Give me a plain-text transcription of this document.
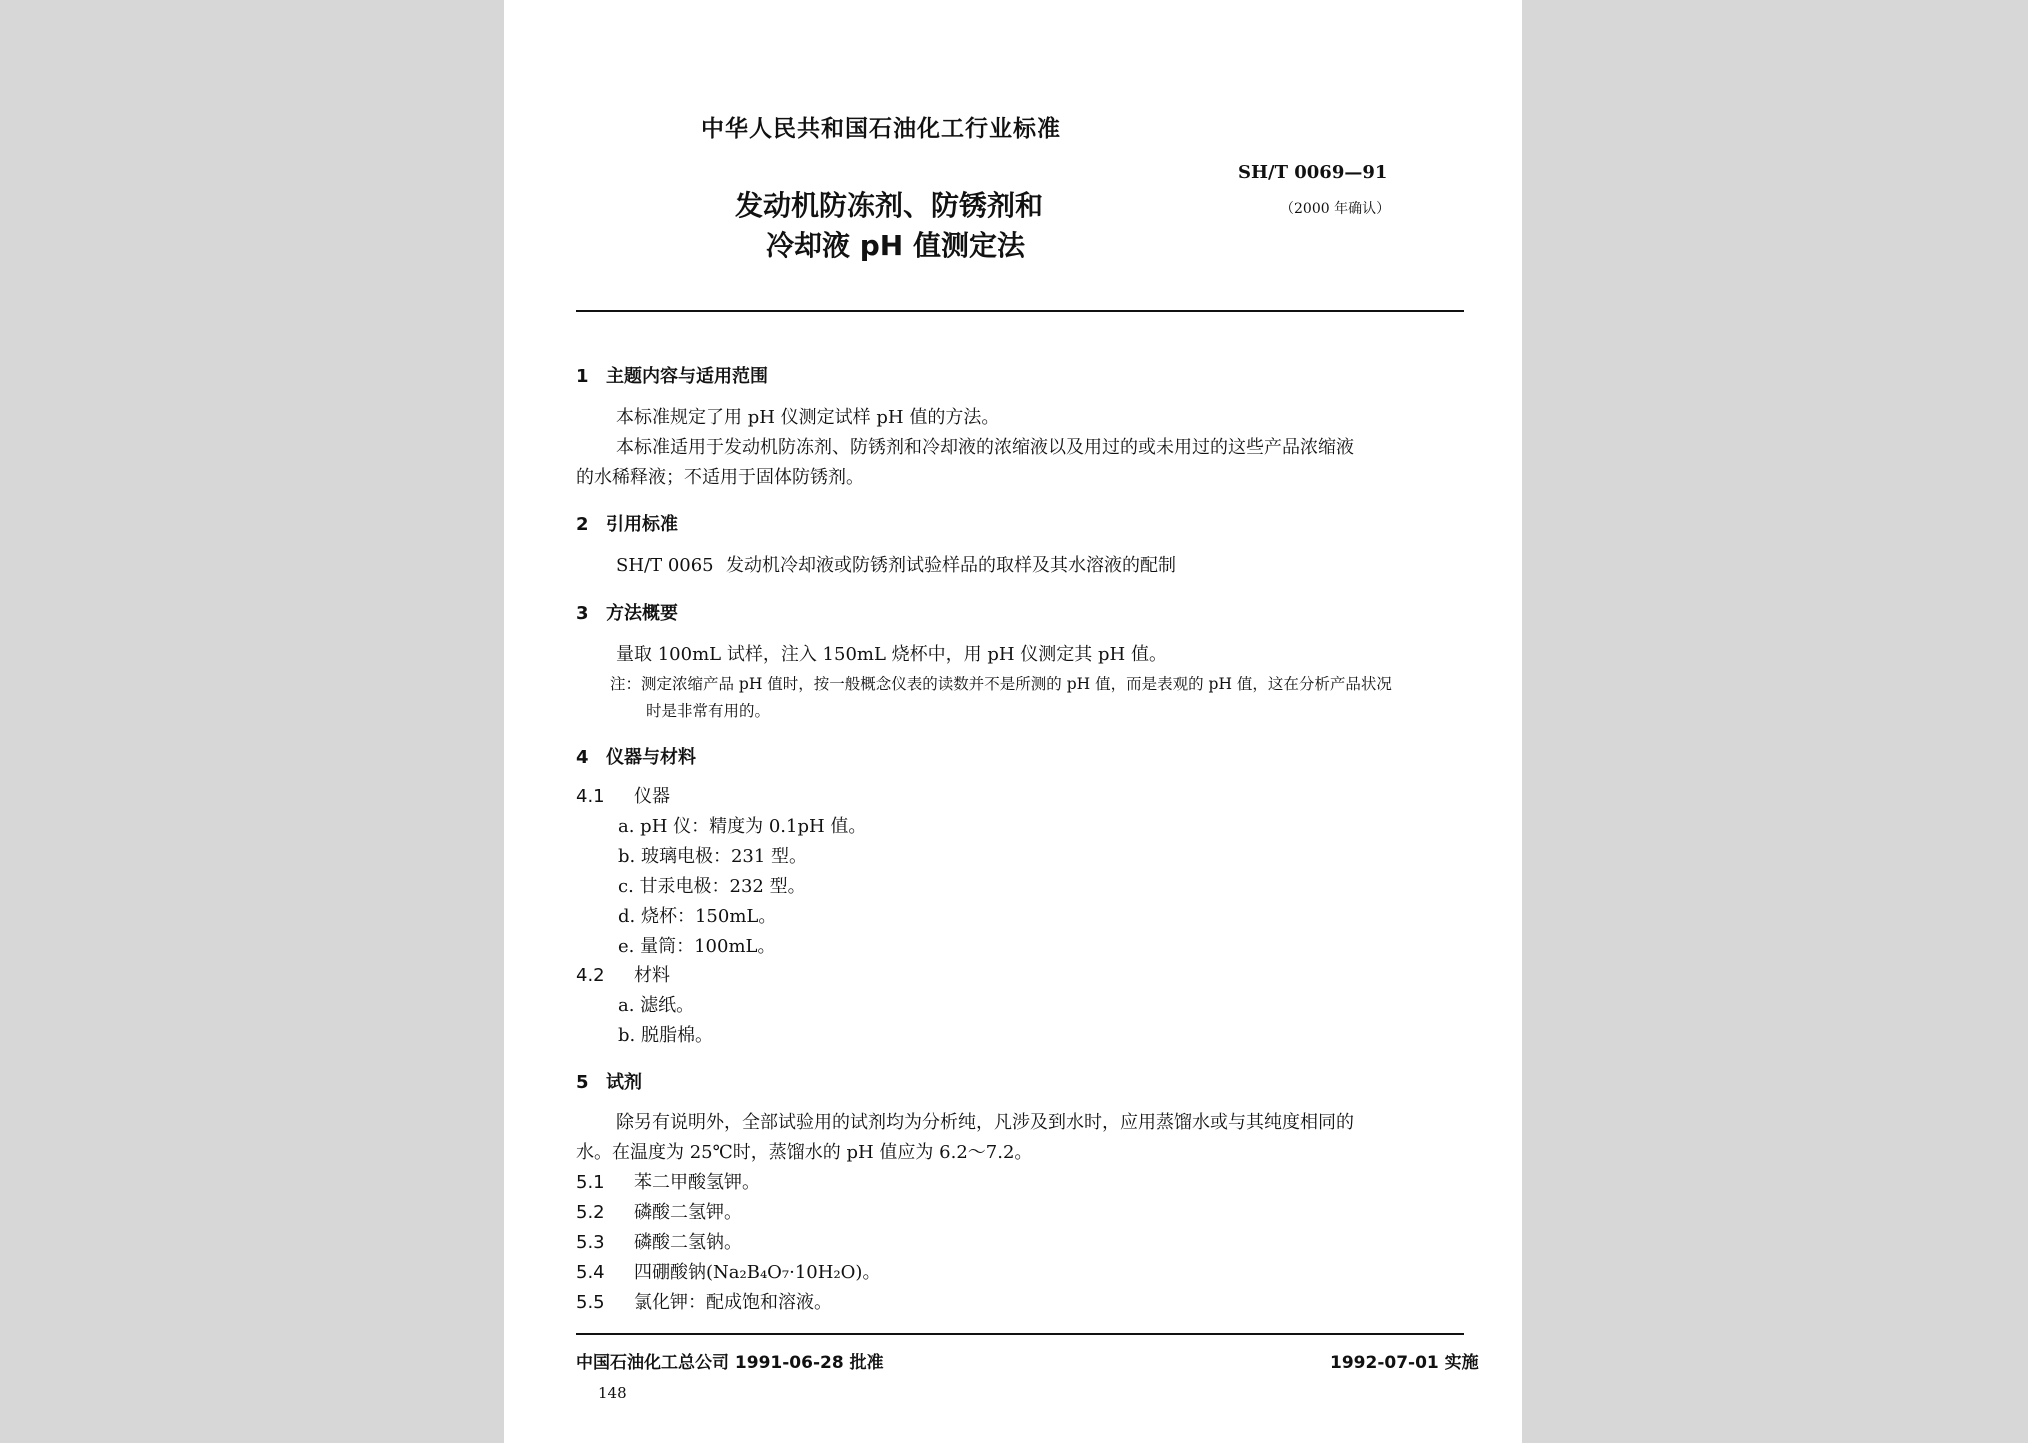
中华人民共和国石油化工行业标准
SH/T 0069—91
（2000 年确认）
发动机防冻剂、防锈剂和
冷却液 pH 值测定法
1 主题内容与适用范围
本标准规定了用 pH 仪测定试样 pH 值的方法。
本标准适用于发动机防冻剂、防锈剂和冷却液的浓缩液以及用过的或未用过的这些产品浓缩液
的水稀释液；不适用于固体防锈剂。
2 引用标准
SH/T 0065 发动机冷却液或防锈剂试验样品的取样及其水溶液的配制
3 方法概要
量取 100mL 试样，注入 150mL 烧杯中，用 pH 仪测定其 pH 值。
注：测定浓缩产品 pH 值时，按一般概念仪表的读数并不是所测的 pH 值，而是表观的 pH 值，这在分析产品状况
时是非常有用的。
4 仪器与材料
4.1 仪器
a. pH 仪：精度为 0.1pH 值。
b. 玻璃电极：231 型。
c. 甘汞电极：232 型。
d. 烧杯：150mL。
e. 量筒：100mL。
4.2 材料
a. 滤纸。
b. 脱脂棉。
5 试剂
除另有说明外，全部试验用的试剂均为分析纯，凡涉及到水时，应用蒸馏水或与其纯度相同的
水。在温度为 25℃时，蒸馏水的 pH 值应为 6.2～7.2。
5.1 苯二甲酸氢钾。
5.2 磷酸二氢钾。
5.3 磷酸二氢钠。
5.4 四硼酸钠(Na₂B₄O₇·10H₂O)。
5.5 氯化钾：配成饱和溶液。
中国石油化工总公司 1991-06-28 批准	1992-07-01 实施
148
